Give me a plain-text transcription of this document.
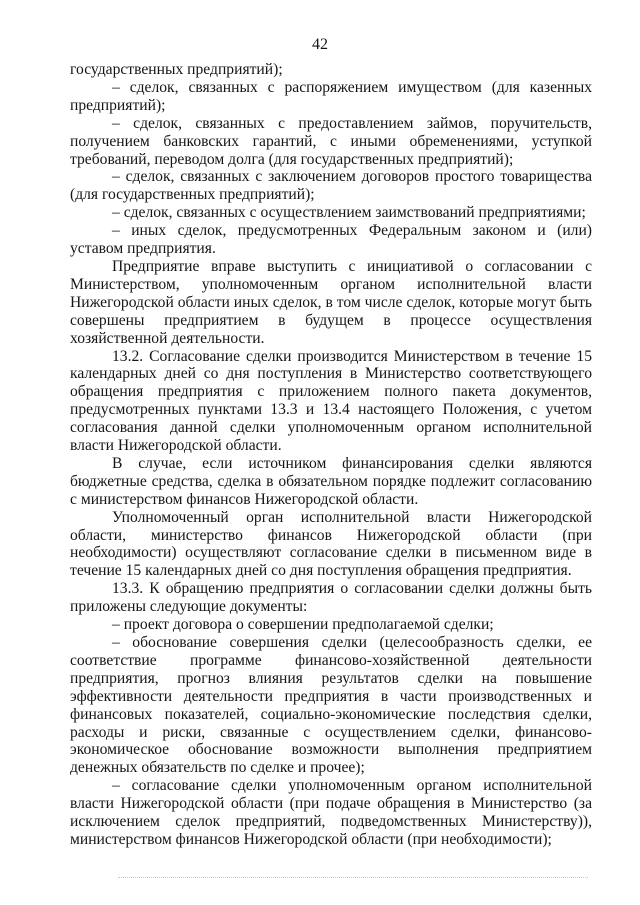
42

государственных предприятий);

– сделок, связанных с распоряжением имуществом (для казенных предприятий);

– сделок, связанных с предоставлением займов, поручительств, получением банковских гарантий, с иными обременениями, уступкой требований, переводом долга (для государственных предприятий);

– сделок, связанных с заключением договоров простого товарищества (для государственных предприятий);

– сделок, связанных с осуществлением заимствований предприятиями;

– иных сделок, предусмотренных Федеральным законом и (или) уставом предприятия.

Предприятие вправе выступить с инициативой о согласовании с Министерством, уполномоченным органом исполнительной власти Нижегородской области иных сделок, в том числе сделок, которые могут быть совершены предприятием в будущем в процессе осуществления хозяйственной деятельности.

13.2. Согласование сделки производится Министерством в течение 15 календарных дней со дня поступления в Министерство соответствующего обращения предприятия с приложением полного пакета документов, предусмотренных пунктами 13.3 и 13.4 настоящего Положения, с учетом согласования данной сделки уполномоченным органом исполнительной власти Нижегородской области.

В случае, если источником финансирования сделки являются бюджетные средства, сделка в обязательном порядке подлежит согласованию с министерством финансов Нижегородской области.

Уполномоченный орган исполнительной власти Нижегородской области, министерство финансов Нижегородской области (при необходимости) осуществляют согласование сделки в письменном виде в течение 15 календарных дней со дня поступления обращения предприятия.

13.3. К обращению предприятия о согласовании сделки должны быть приложены следующие документы:

– проект договора о совершении предполагаемой сделки;

– обоснование совершения сделки (целесообразность сделки, ее соответствие программе финансово-хозяйственной деятельности предприятия, прогноз влияния результатов сделки на повышение эффективности деятельности предприятия в части производственных и финансовых показателей, социально-экономические последствия сделки, расходы и риски, связанные с осуществлением сделки, финансово-экономическое обоснование возможности выполнения предприятием денежных обязательств по сделке и прочее);

– согласование сделки уполномоченным органом исполнительной власти Нижегородской области (при подаче обращения в Министерство (за исключением сделок предприятий, подведомственных Министерству)), министерством финансов Нижегородской области (при необходимости);
